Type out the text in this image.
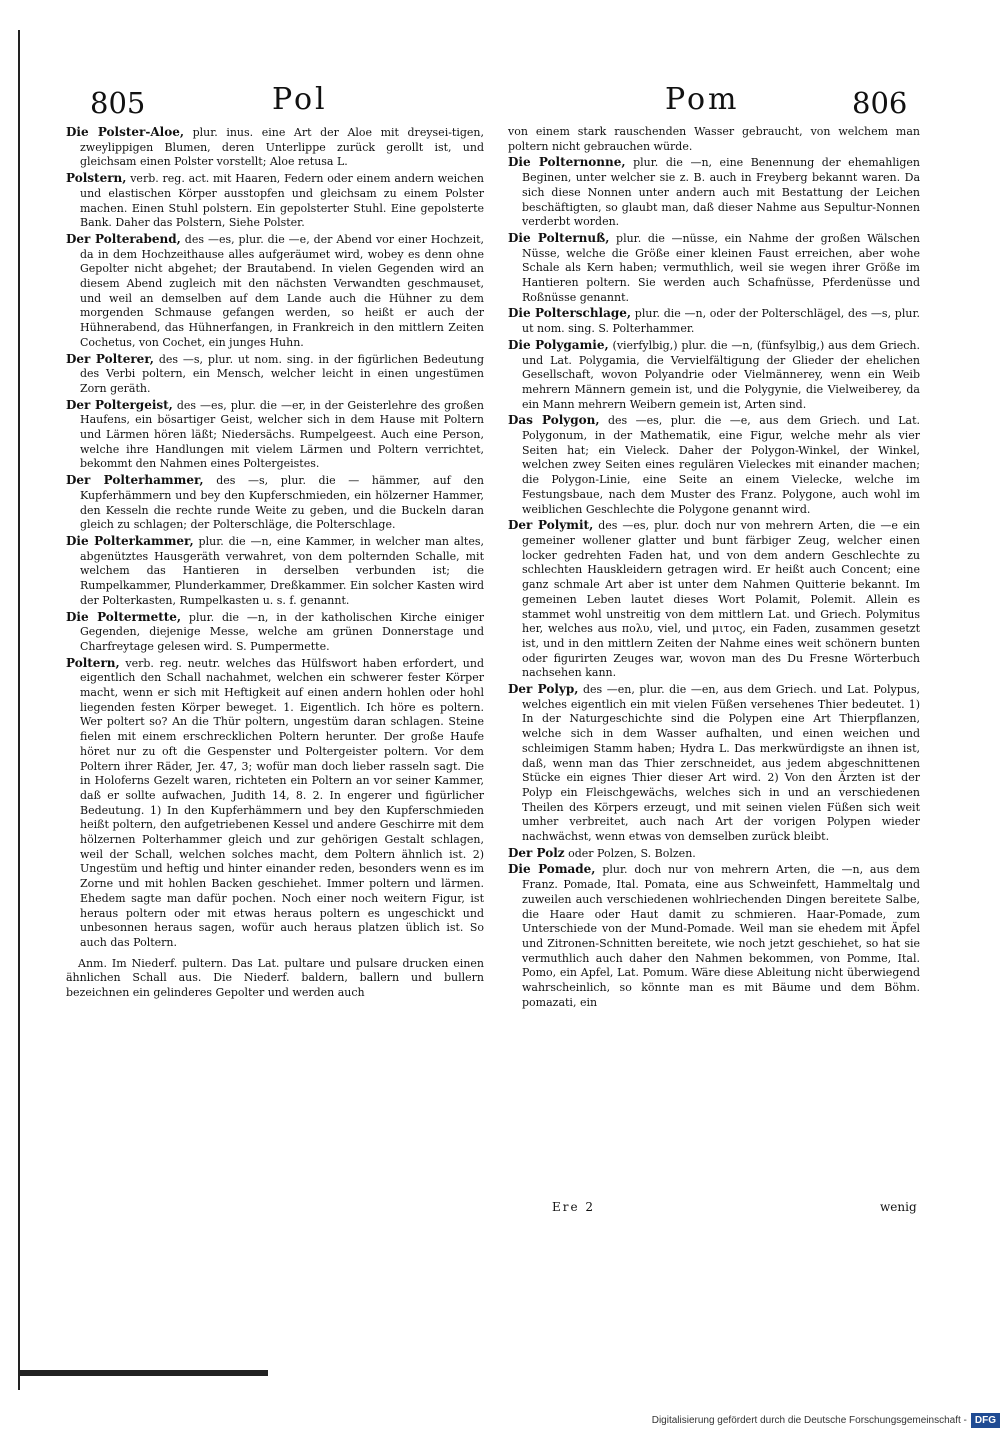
805	Pol	Pom	806

Die Polster-Aloe, plur. inus. eine Art der Aloe mit dreysei-tigen, zweylippigen Blumen, deren Unterlippe zurück gerollt ist, und gleichsam einen Polster vorstellt; Aloe retusa L.

Polstern, verb. reg. act. mit Haaren, Federn oder einem andern weichen und elastischen Körper ausstopfen und gleichsam zu einem Polster machen. Einen Stuhl polstern. Ein gepolsterter Stuhl. Eine gepolsterte Bank. Daher das Polstern, Siehe Polster.

Der Polterabend, des —es, plur. die —e, der Abend vor einer Hochzeit, da in dem Hochzeithause alles aufgeräumet wird, wobey es denn ohne Gepolter nicht abgehet; der Brautabend. In vielen Gegenden wird an diesem Abend zugleich mit den nächsten Verwandten geschmauset, und weil an demselben auf dem Lande auch die Hühner zu dem morgenden Schmause gefangen werden, so heißt er auch der Hühnerabend, das Hühnerfangen, in Frankreich in den mittlern Zeiten Cochetus, von Cochet, ein junges Huhn.

Der Polterer, des —s, plur. ut nom. sing. in der figürlichen Bedeutung des Verbi poltern, ein Mensch, welcher leicht in einen ungestümen Zorn geräth.

Der Poltergeist, des —es, plur. die —er, in der Geisterlehre des großen Haufens, ein bösartiger Geist, welcher sich in dem Hause mit Poltern und Lärmen hören läßt; Niedersächs. Rumpelgeest. Auch eine Person, welche ihre Handlungen mit vielem Lärmen und Poltern verrichtet, bekommt den Nahmen eines Poltergeistes.

Der Polterhammer, des —s, plur. die — hämmer, auf den Kupferhämmern und bey den Kupferschmieden, ein hölzerner Hammer, den Kesseln die rechte runde Weite zu geben, und die Buckeln daran gleich zu schlagen; der Polterschläge, die Polterschlage.

Die Polterkammer, plur. die —n, eine Kammer, in welcher man altes, abgenütztes Hausgeräth verwahret, von dem polternden Schalle, mit welchem das Hantieren in derselben verbunden ist; die Rumpelkammer, Plunderkammer, Dreßkammer. Ein solcher Kasten wird der Polterkasten, Rumpelkasten u. s. f. genannt.

Die Poltermette, plur. die —n, in der katholischen Kirche einiger Gegenden, diejenige Messe, welche am grünen Donnerstage und Charfreytage gelesen wird. S. Pumpermette.

Poltern, verb. reg. neutr. welches das Hülfswort haben erfordert, und eigentlich den Schall nachahmet, welchen ein schwerer fester Körper macht, wenn er sich mit Heftigkeit auf einen andern hohlen oder hohl liegenden festen Körper beweget. 1. Eigentlich. Ich höre es poltern. Wer poltert so? An die Thür poltern, ungestüm daran schlagen. Steine fielen mit einem erschrecklichen Poltern herunter. Der große Haufe höret nur zu oft die Gespenster und Poltergeister poltern. Vor dem Poltern ihrer Räder, Jer. 47, 3; wofür man doch lieber rasseln sagt. Die in Holoferns Gezelt waren, richteten ein Poltern an vor seiner Kammer, daß er sollte aufwachen, Judith 14, 8. 2. In engerer und figürlicher Bedeutung. 1) In den Kupferhämmern und bey den Kupferschmieden heißt poltern, den aufgetriebenen Kessel und andere Geschirre mit dem hölzernen Polterhammer gleich und zur gehörigen Gestalt schlagen, weil der Schall, welchen solches macht, dem Poltern ähnlich ist. 2) Ungestüm und heftig und hinter einander reden, besonders wenn es im Zorne und mit hohlen Backen geschiehet. Immer poltern und lärmen. Ehedem sagte man dafür pochen. Noch einer noch weitern Figur, ist heraus poltern oder mit etwas heraus poltern es ungeschickt und unbesonnen heraus sagen, wofür auch heraus platzen üblich ist. So auch das Poltern.

Anm. Im Niederf. pultern. Das Lat. pultare und pulsare drucken einen ähnlichen Schall aus. Die Niederf. baldern, ballern und bullern bezeichnen ein gelinderes Gepolter und werden auch

von einem stark rauschenden Wasser gebraucht, von welchem man poltern nicht gebrauchen würde.

Die Polternonne, plur. die —n, eine Benennung der ehemahligen Beginen, unter welcher sie z. B. auch in Freyberg bekannt waren. Da sich diese Nonnen unter andern auch mit Bestattung der Leichen beschäftigten, so glaubt man, daß dieser Nahme aus Sepultur-Nonnen verderbt worden.

Die Polternuß, plur. die —nüsse, ein Nahme der großen Wälschen Nüsse, welche die Größe einer kleinen Faust erreichen, aber wohe Schale als Kern haben; vermuthlich, weil sie wegen ihrer Größe im Hantieren poltern. Sie werden auch Schafnüsse, Pferdenüsse und Roßnüsse genannt.

Die Polterschlage, plur. die —n, oder der Polterschlägel, des —s, plur. ut nom. sing. S. Polterhammer.

Die Polygamie, (vierfylbig,) plur. die —n, (fünfsylbig,) aus dem Griech. und Lat. Polygamia, die Vervielfältigung der Glieder der ehelichen Gesellschaft, wovon Polyandrie oder Vielmännerey, wenn ein Weib mehrern Männern gemein ist, und die Polygynie, die Vielweiberey, da ein Mann mehrern Weibern gemein ist, Arten sind.

Das Polygon, des —es, plur. die —e, aus dem Griech. und Lat. Polygonum, in der Mathematik, eine Figur, welche mehr als vier Seiten hat; ein Vieleck. Daher der Polygon-Winkel, der Winkel, welchen zwey Seiten eines regulären Vieleckes mit einander machen; die Polygon-Linie, eine Seite an einem Vielecke, welche im Festungsbaue, nach dem Muster des Franz. Polygone, auch wohl im weiblichen Geschlechte die Polygone genannt wird.

Der Polymit, des —es, plur. doch nur von mehrern Arten, die —e ein gemeiner wollener glatter und bunt färbiger Zeug, welcher einen locker gedrehten Faden hat, und von dem andern Geschlechte zu schlechten Hauskleidern getragen wird. Er heißt auch Concent; eine ganz schmale Art aber ist unter dem Nahmen Quitterie bekannt. Im gemeinen Leben lautet dieses Wort Polamit, Polemit. Allein es stammet wohl unstreitig von dem mittlern Lat. und Griech. Polymitus her, welches aus πολυ, viel, und μιτος, ein Faden, zusammen gesetzt ist, und in den mittlern Zeiten der Nahme eines weit schönern bunten oder figurirten Zeuges war, wovon man des Du Fresne Wörterbuch nachsehen kann.

Der Polyp, des —en, plur. die —en, aus dem Griech. und Lat. Polypus, welches eigentlich ein mit vielen Füßen versehenes Thier bedeutet. 1) In der Naturgeschichte sind die Polypen eine Art Thierpflanzen, welche sich in dem Wasser aufhalten, und einen weichen und schleimigen Stamm haben; Hydra L. Das merkwürdigste an ihnen ist, daß, wenn man das Thier zerschneidet, aus jedem abgeschnittenen Stücke ein eignes Thier dieser Art wird. 2) Von den Ärzten ist der Polyp ein Fleischgewächs, welches sich in und an verschiedenen Theilen des Körpers erzeugt, und mit seinen vielen Füßen sich weit umher verbreitet, auch nach Art der vorigen Polypen wieder nachwächst, wenn etwas von demselben zurück bleibt.

Der Polz oder Polzen, S. Bolzen.

Die Pomade, plur. doch nur von mehrern Arten, die —n, aus dem Franz. Pomade, Ital. Pomata, eine aus Schweinfett, Hammeltalg und zuweilen auch verschiedenen wohlriechenden Dingen bereitete Salbe, die Haare oder Haut damit zu schmieren. Haar-Pomade, zum Unterschiede von der Mund-Pomade. Weil man sie ehedem mit Äpfel und Zitronen-Schnitten bereitete, wie noch jetzt geschiehet, so hat sie vermuthlich auch daher den Nahmen bekommen, von Pomme, Ital. Pomo, ein Apfel, Lat. Pomum. Wäre diese Ableitung nicht überwiegend wahrscheinlich, so könnte man es mit Bäume und dem Böhm. pomazati, ein

Ere 2	wenig
Digitalisierung gefördert durch die Deutsche Forschungsgemeinschaft - DFG
